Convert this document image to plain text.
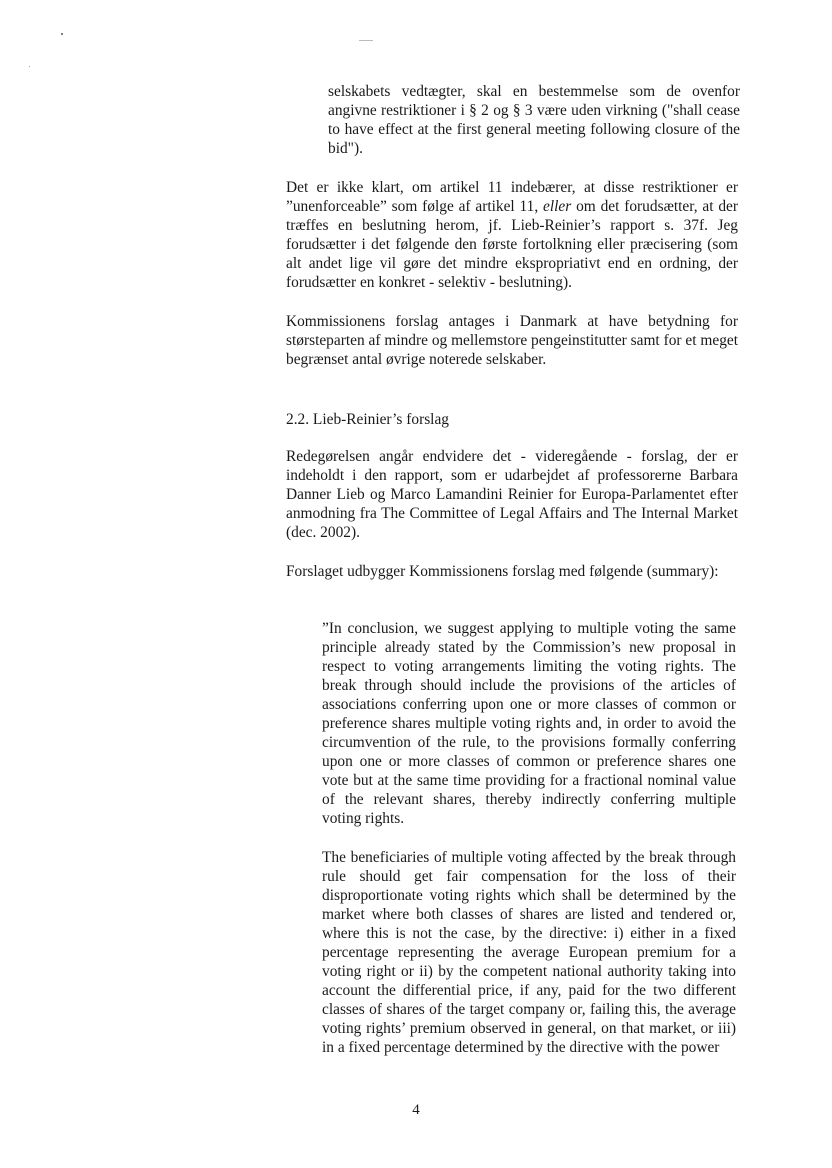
selskabets vedtægter, skal en bestemmelse som de ovenfor angivne restriktioner i § 2 og § 3 være uden virkning ("shall cease to have effect at the first general meeting following closure of the bid").

Det er ikke klart, om artikel 11 indebærer, at disse restriktioner er ”unenforceable” som følge af artikel 11, eller om det forudsætter, at der træffes en beslutning herom, jf. Lieb-Reinier’s rapport s. 37f. Jeg forudsætter i det følgende den første fortolkning eller præcisering (som alt andet lige vil gøre det mindre ekspropriativt end en ordning, der forudsætter en konkret - selektiv - beslutning).

Kommissionens forslag antages i Danmark at have betydning for størsteparten af mindre og mellemstore pengeinstitutter samt for et meget begrænset antal øvrige noterede selskaber.

2.2. Lieb-Reinier’s forslag

Redegørelsen angår endvidere det - videregående - forslag, der er indeholdt i den rapport, som er udarbejdet af professorerne Barbara Danner Lieb og Marco Lamandini Reinier for Europa-Parlamentet efter anmodning fra The Committee of Legal Affairs and The Internal Market (dec. 2002).

Forslaget udbygger Kommissionens forslag med følgende (summary):

”In conclusion, we suggest applying to multiple voting the same principle already stated by the Commission’s new proposal in respect to voting arrangements limiting the voting rights. The break through should include the provisions of the articles of associations conferring upon one or more classes of common or preference shares multiple voting rights and, in order to avoid the circumvention of the rule, to the provisions formally conferring upon one or more classes of common or preference shares one vote but at the same time providing for a fractional nominal value of the relevant shares, thereby indirectly conferring multiple voting rights.

The beneficiaries of multiple voting affected by the break through rule should get fair compensation for the loss of their disproportionate voting rights which shall be determined by the market where both classes of shares are listed and tendered or, where this is not the case, by the directive: i) either in a fixed percentage representing the average European premium for a voting right or ii) by the competent national authority taking into account the differential price, if any, paid for the two different classes of shares of the target company or, failing this, the average voting rights’ premium observed in general, on that market, or iii) in a fixed percentage determined by the directive with the power

4
